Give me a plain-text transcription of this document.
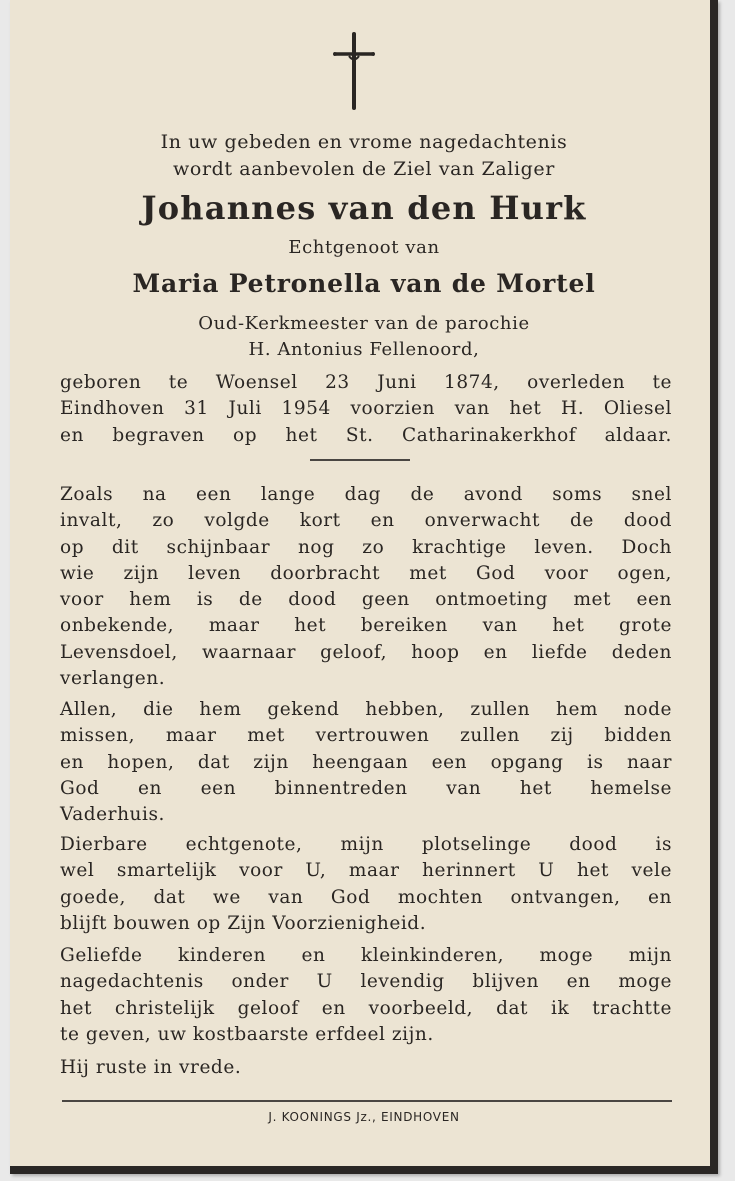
In uw gebeden en vrome nagedachtenis
wordt aanbevolen de Ziel van Zaliger
Johannes van den Hurk
Echtgenoot van
Maria Petronella van de Mortel
Oud-Kerkmeester van de parochie
H. Antonius Fellenoord,
geboren te Woensel 23 Juni 1874, overleden te
Eindhoven 31 Juli 1954 voorzien van het H. Oliesel
en begraven op het St. Catharinakerkhof aldaar.
Zoals na een lange dag de avond soms snel
invalt, zo volgde kort en onverwacht de dood
op dit schijnbaar nog zo krachtige leven. Doch
wie zijn leven doorbracht met God voor ogen,
voor hem is de dood geen ontmoeting met een
onbekende, maar het bereiken van het grote
Levensdoel, waarnaar geloof, hoop en liefde deden
verlangen.
Allen, die hem gekend hebben, zullen hem node
missen, maar met vertrouwen zullen zij bidden
en hopen, dat zijn heengaan een opgang is naar
God en een binnentreden van het hemelse
Vaderhuis.
Dierbare echtgenote, mijn plotselinge dood is
wel smartelijk voor U, maar herinnert U het vele
goede, dat we van God mochten ontvangen, en
blijft bouwen op Zijn Voorzienigheid.
Geliefde kinderen en kleinkinderen, moge mijn
nagedachtenis onder U levendig blijven en moge
het christelijk geloof en voorbeeld, dat ik trachtte
te geven, uw kostbaarste erfdeel zijn.
Hij ruste in vrede.
J. KOONINGS Jz., EINDHOVEN
